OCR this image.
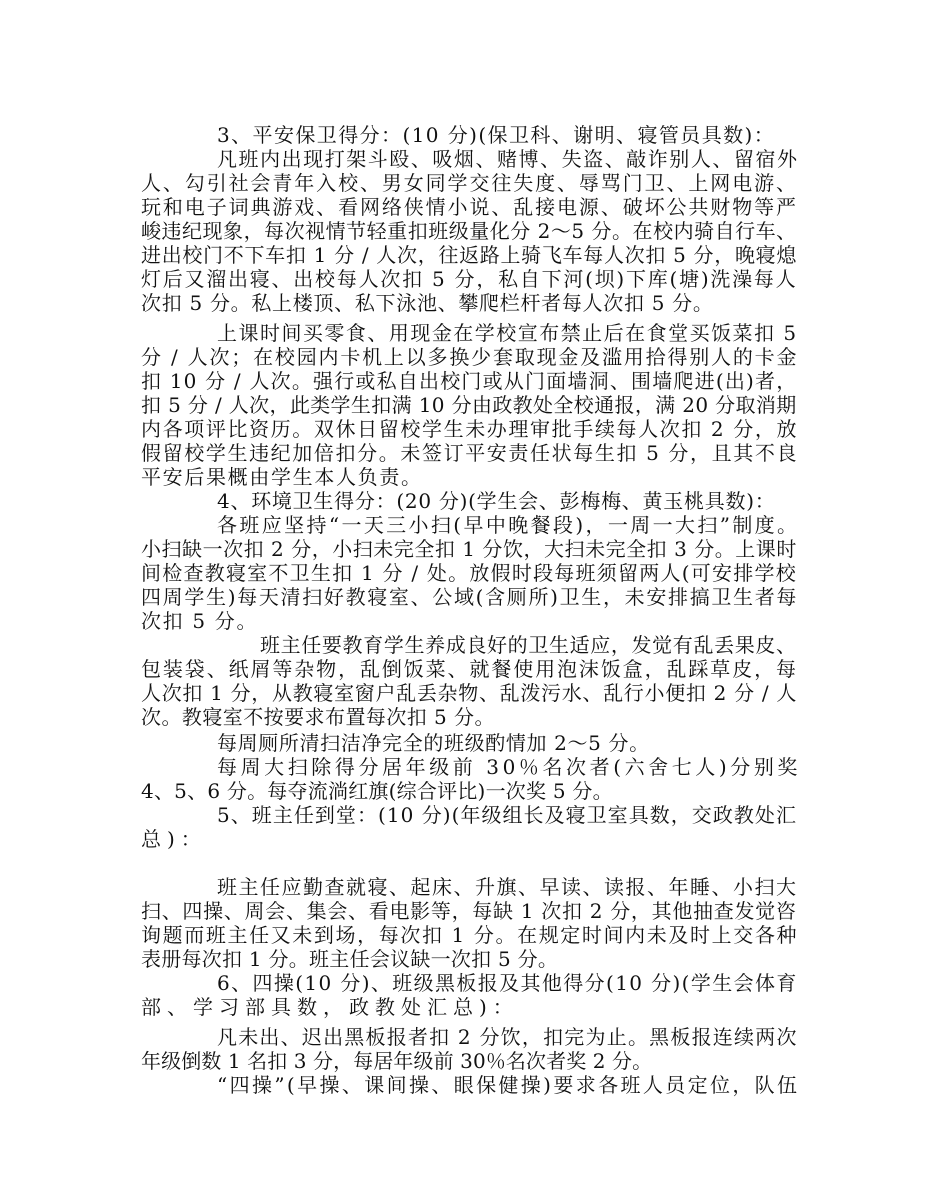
3、平安保卫得分：(10 分)(保卫科、谢明、寝管员具数)：
凡班内出现打架斗殴、吸烟、赌博、失盗、敲诈别人、留宿外
人、勾引社会青年入校、男女同学交往失度、辱骂门卫、上网电游、
玩和电子词典游戏、看网络侠情小说、乱接电源、破坏公共财物等严
峻违纪现象，每次视情节轻重扣班级量化分 2～5 分。在校内骑自行车、
进出校门不下车扣 1 分 / 人次，往返路上骑飞车每人次扣 5 分，晚寝熄
灯后又溜出寝、出校每人次扣 5 分，私自下河(坝)下库(塘)洗澡每人
次扣 5 分。私上楼顶、私下泳池、攀爬栏杆者每人次扣 5 分。
上课时间买零食、用现金在学校宣布禁止后在食堂买饭菜扣 5
分 / 人次；在校园内卡机上以多换少套取现金及滥用拾得别人的卡金
扣 10 分 / 人次。强行或私自出校门或从门面墙洞、围墙爬进(出)者，
扣 5 分 / 人次，此类学生扣满 10 分由政教处全校通报，满 20 分取消期
内各项评比资历。双休日留校学生未办理审批手续每人次扣 2 分，放
假留校学生违纪加倍扣分。未签订平安责任状每生扣 5 分，且其不良
平安后果概由学生本人负责。
4、环境卫生得分：(20 分)(学生会、彭梅梅、黄玉桃具数)：
各班应坚持“一天三小扫(早中晚餐段)，一周一大扫”制度。
小扫缺一次扣 2 分，小扫未完全扣 1 分饮，大扫未完全扣 3 分。上课时
间检查教寝室不卫生扣 1 分 / 处。放假时段每班须留两人(可安排学校
四周学生)每天清扫好教寝室、公域(含厕所)卫生，未安排搞卫生者每
次扣 5 分。
班主任要教育学生养成良好的卫生适应，发觉有乱丢果皮、
包装袋、纸屑等杂物，乱倒饭菜、就餐使用泡沫饭盒，乱踩草皮，每
人次扣 1 分，从教寝室窗户乱丢杂物、乱泼污水、乱行小便扣 2 分 / 人
次。教寝室不按要求布置每次扣 5 分。
每周厕所清扫洁净完全的班级酌情加 2～5 分。
每周大扫除得分居年级前 30％名次者(六舍七人)分别奖
4、5、6 分。每夺流淌红旗(综合评比)一次奖 5 分。
5、班主任到堂：(10 分)(年级组长及寝卫室具数，交政教处汇
总)：
班主任应勤查就寝、起床、升旗、早读、读报、年睡、小扫大
扫、四操、周会、集会、看电影等，每缺 1 次扣 2 分，其他抽查发觉咨
询题而班主任又未到场，每次扣 1 分。在规定时间内未及时上交各种
表册每次扣 1 分。班主任会议缺一次扣 5 分。
6、四操(10 分)、班级黑板报及其他得分(10 分)(学生会体育
部、学习部具数，政教处汇总)：
凡未出、迟出黑板报者扣 2 分饮，扣完为止。黑板报连续两次
年级倒数 1 名扣 3 分，每居年级前 30％名次者奖 2 分。
“四操”(早操、课间操、眼保健操)要求各班人员定位，队伍
